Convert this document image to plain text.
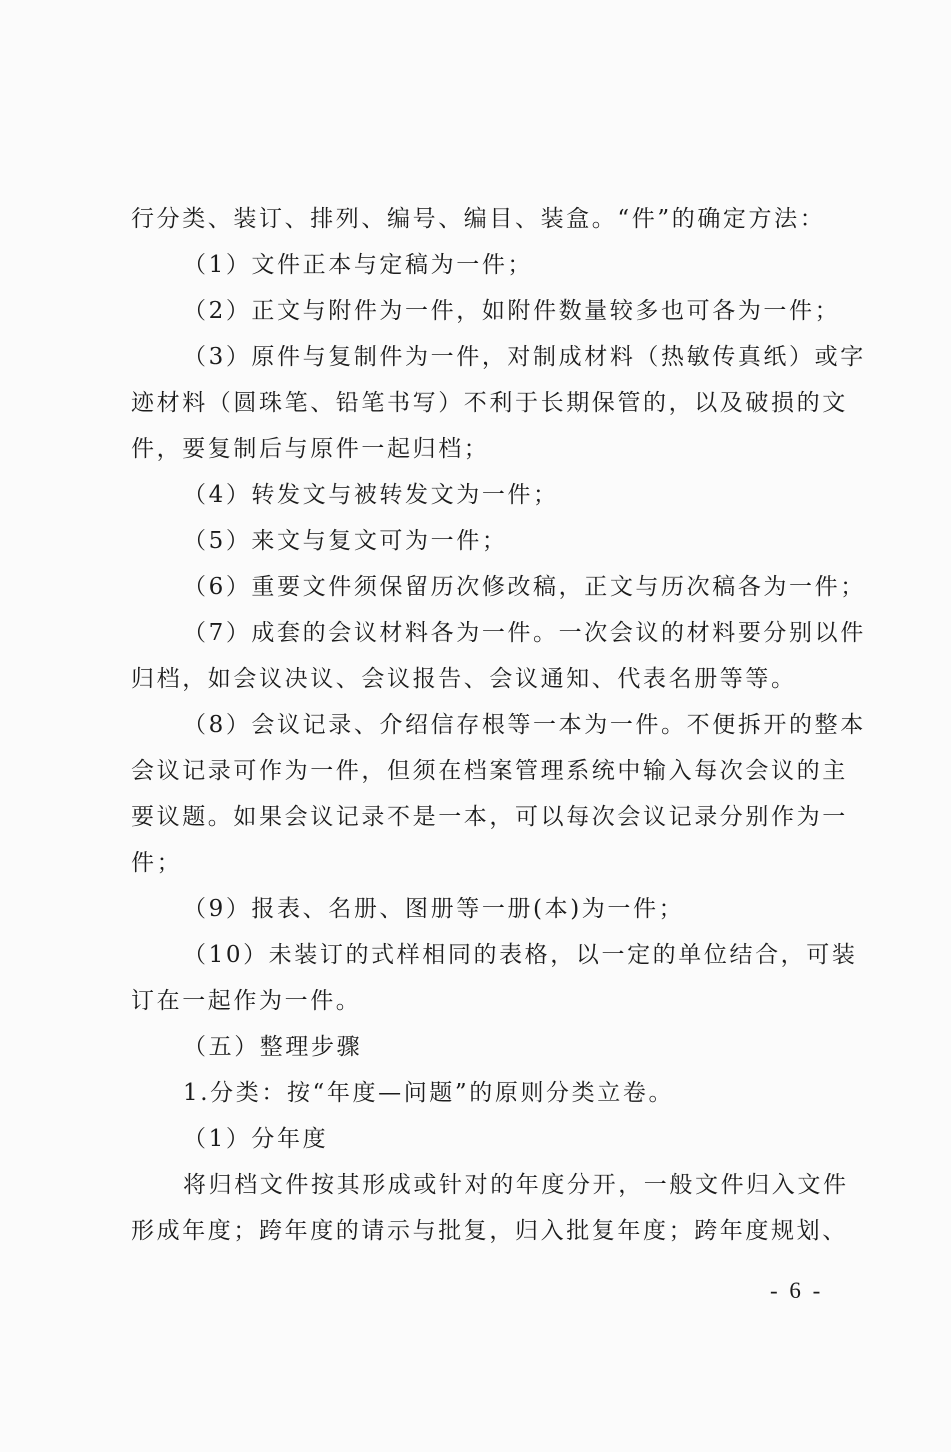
行分类、装订、排列、编号、编目、装盒。“件”的确定方法：
（1）文件正本与定稿为一件；
（2）正文与附件为一件，如附件数量较多也可各为一件；
（3）原件与复制件为一件，对制成材料（热敏传真纸）或字
迹材料（圆珠笔、铅笔书写）不利于长期保管的，以及破损的文
件，要复制后与原件一起归档；
（4）转发文与被转发文为一件；
（5）来文与复文可为一件；
（6）重要文件须保留历次修改稿，正文与历次稿各为一件；
（7）成套的会议材料各为一件。一次会议的材料要分别以件
归档，如会议决议、会议报告、会议通知、代表名册等等。
（8）会议记录、介绍信存根等一本为一件。不便拆开的整本
会议记录可作为一件，但须在档案管理系统中输入每次会议的主
要议题。如果会议记录不是一本，可以每次会议记录分别作为一
件；
（9）报表、名册、图册等一册(本)为一件；
（10）未装订的式样相同的表格，以一定的单位结合，可装
订在一起作为一件。
（五）整理步骤
1.分类：按“年度—问题”的原则分类立卷。
（1）分年度
将归档文件按其形成或针对的年度分开，一般文件归入文件
形成年度；跨年度的请示与批复，归入批复年度；跨年度规划、
- 6 -
